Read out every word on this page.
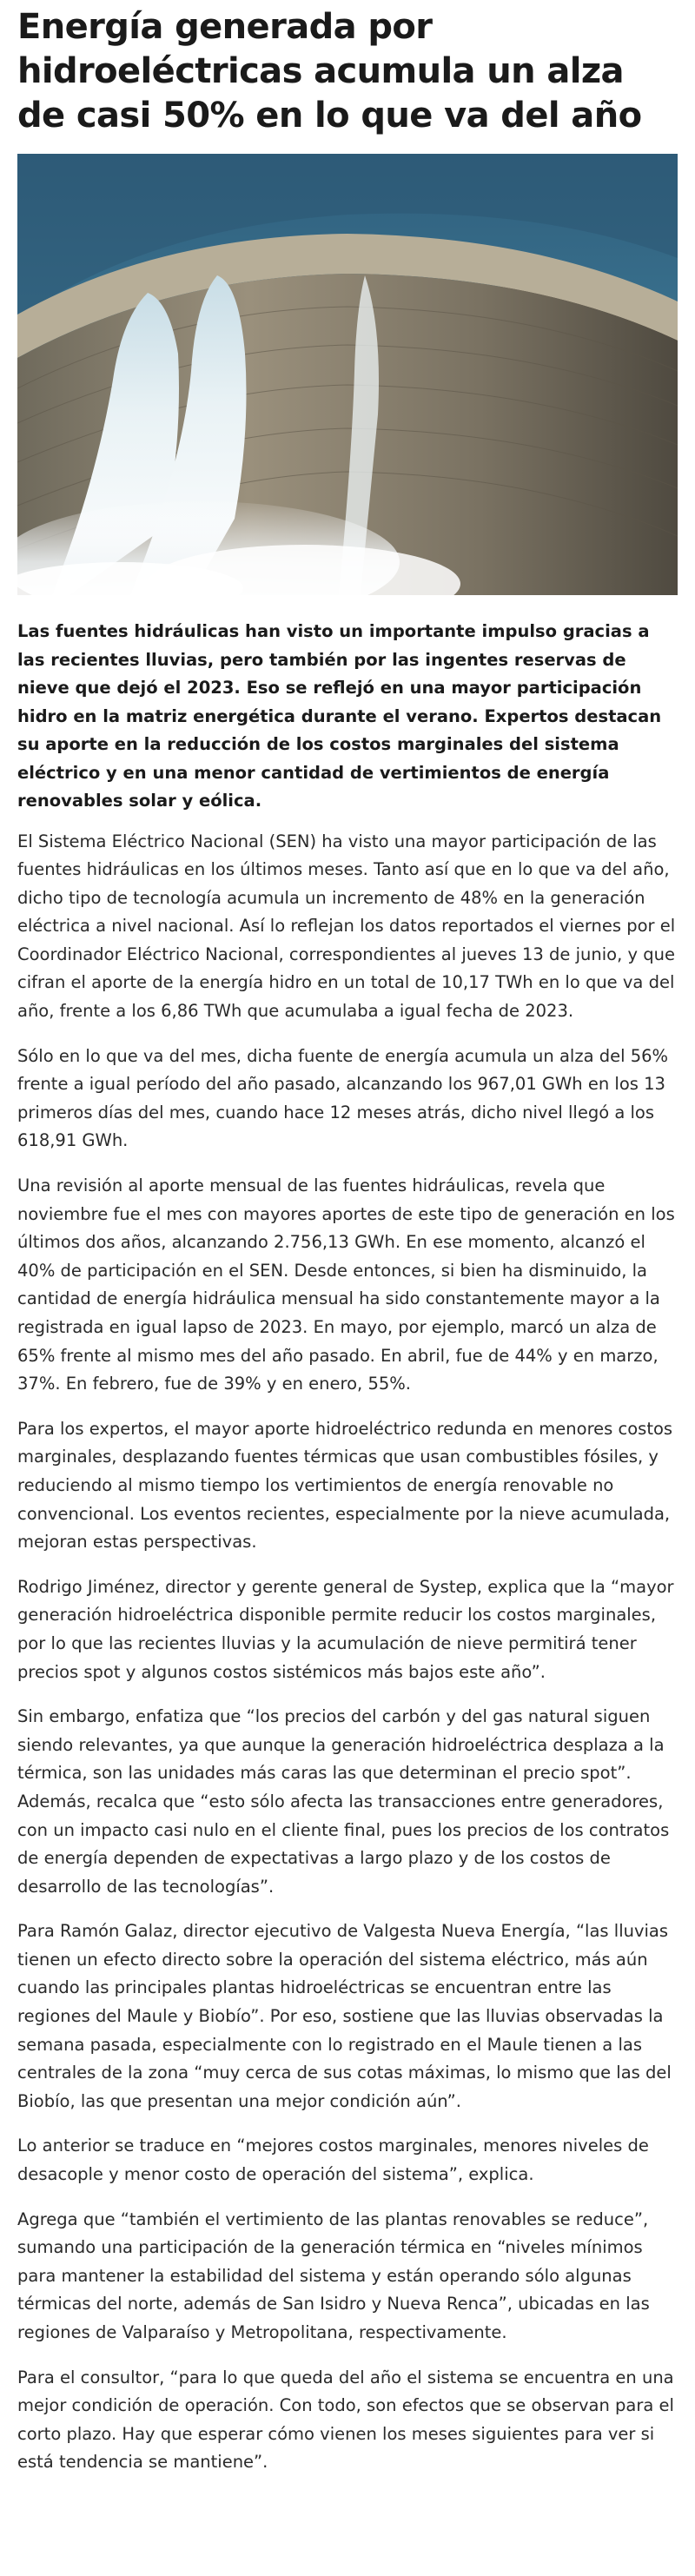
Energía generada por hidroeléctricas acumula un alza de casi 50% en lo que va del año

Las fuentes hidráulicas han visto un importante impulso gracias a las recientes lluvias, pero también por las ingentes reservas de nieve que dejó el 2023. Eso se reflejó en una mayor participación hidro en la matriz energética durante el verano. Expertos destacan su aporte en la reducción de los costos marginales del sistema eléctrico y en una menor cantidad de vertimientos de energía renovables solar y eólica.

El Sistema Eléctrico Nacional (SEN) ha visto una mayor participación de las fuentes hidráulicas en los últimos meses. Tanto así que en lo que va del año, dicho tipo de tecnología acumula un incremento de 48% en la generación eléctrica a nivel nacional. Así lo reflejan los datos reportados el viernes por el Coordinador Eléctrico Nacional, correspondientes al jueves 13 de junio, y que cifran el aporte de la energía hidro en un total de 10,17 TWh en lo que va del año, frente a los 6,86 TWh que acumulaba a igual fecha de 2023.

Sólo en lo que va del mes, dicha fuente de energía acumula un alza del 56% frente a igual período del año pasado, alcanzando los 967,01 GWh en los 13 primeros días del mes, cuando hace 12 meses atrás, dicho nivel llegó a los 618,91 GWh.

Una revisión al aporte mensual de las fuentes hidráulicas, revela que noviembre fue el mes con mayores aportes de este tipo de generación en los últimos dos años, alcanzando 2.756,13 GWh. En ese momento, alcanzó el 40% de participación en el SEN. Desde entonces, si bien ha disminuido, la cantidad de energía hidráulica mensual ha sido constantemente mayor a la registrada en igual lapso de 2023. En mayo, por ejemplo, marcó un alza de 65% frente al mismo mes del año pasado. En abril, fue de 44% y en marzo, 37%. En febrero, fue de 39% y en enero, 55%.

Para los expertos, el mayor aporte hidroeléctrico redunda en menores costos marginales, desplazando fuentes térmicas que usan combustibles fósiles, y reduciendo al mismo tiempo los vertimientos de energía renovable no convencional. Los eventos recientes, especialmente por la nieve acumulada, mejoran estas perspectivas.

Rodrigo Jiménez, director y gerente general de Systep, explica que la “mayor generación hidroeléctrica disponible permite reducir los costos marginales, por lo que las recientes lluvias y la acumulación de nieve permitirá tener precios spot y algunos costos sistémicos más bajos este año”.

Sin embargo, enfatiza que “los precios del carbón y del gas natural siguen siendo relevantes, ya que aunque la generación hidroeléctrica desplaza a la térmica, son las unidades más caras las que determinan el precio spot”. Además, recalca que “esto sólo afecta las transacciones entre generadores, con un impacto casi nulo en el cliente final, pues los precios de los contratos de energía dependen de expectativas a largo plazo y de los costos de desarrollo de las tecnologías”.

Para Ramón Galaz, director ejecutivo de Valgesta Nueva Energía, “las lluvias tienen un efecto directo sobre la operación del sistema eléctrico, más aún cuando las principales plantas hidroeléctricas se encuentran entre las regiones del Maule y Biobío”. Por eso, sostiene que las lluvias observadas la semana pasada, especialmente con lo registrado en el Maule tienen a las centrales de la zona “muy cerca de sus cotas máximas, lo mismo que las del Biobío, las que presentan una mejor condición aún”.

Lo anterior se traduce en “mejores costos marginales, menores niveles de desacople y menor costo de operación del sistema”, explica.

Agrega que “también el vertimiento de las plantas renovables se reduce”, sumando una participación de la generación térmica en “niveles mínimos para mantener la estabilidad del sistema y están operando sólo algunas térmicas del norte, además de San Isidro y Nueva Renca”, ubicadas en las regiones de Valparaíso y Metropolitana, respectivamente.

Para el consultor, “para lo que queda del año el sistema se encuentra en una mejor condición de operación. Con todo, son efectos que se observan para el corto plazo. Hay que esperar cómo vienen los meses siguientes para ver si está tendencia se mantiene”.
